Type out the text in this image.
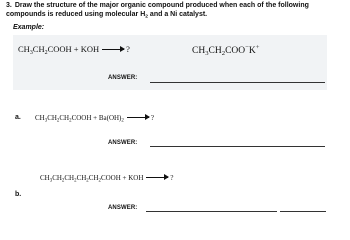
3. Draw the structure of the major organic compound produced when each of the following
compounds is reduced using molecular $H_2$ and a Ni catalyst.
Example:
$CH_3CH_2COOH$ + KOH → ?	$CH_3CH_2COO^-K^+$
ANSWER:
a. $CH_3CH_2CH_2COOH + Ba(OH)_2$ → ?
ANSWER:
$CH_3CH_2CH_2CH_2CH_2COOH$ + KOH → ?
b.
ANSWER:
